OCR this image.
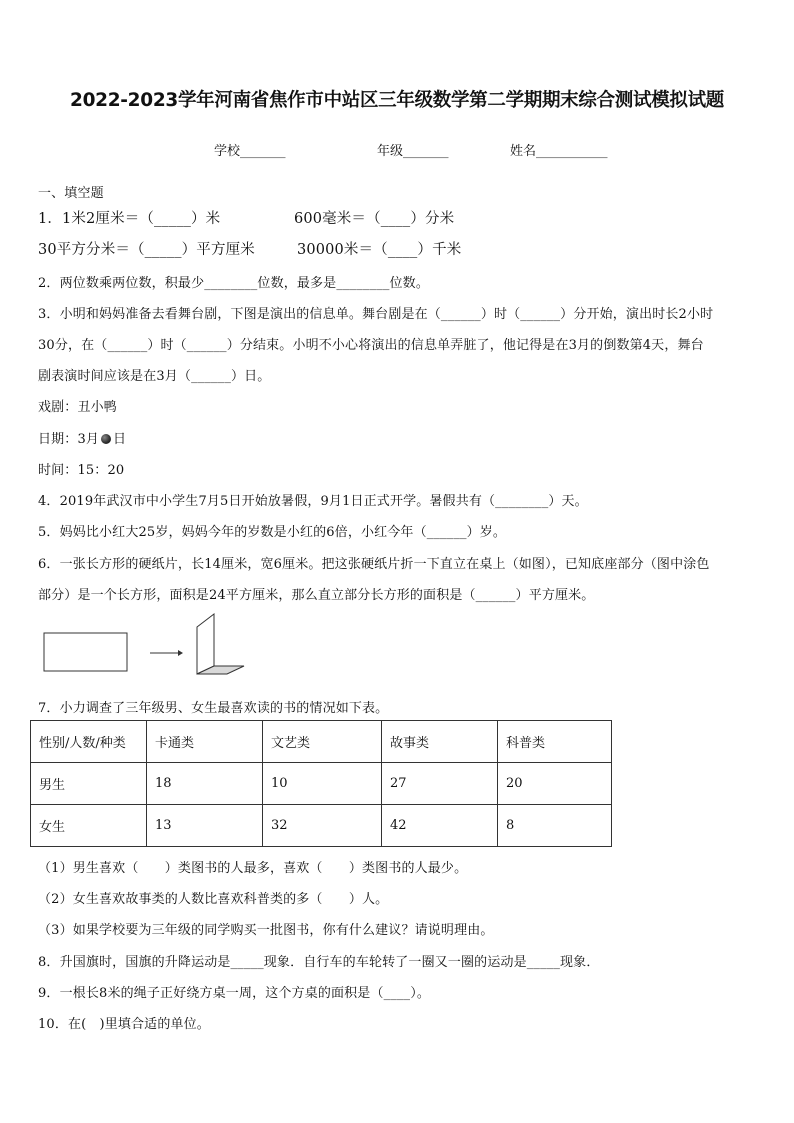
2022-2023学年河南省焦作市中站区三年级数学第二学期期末综合测试模拟试题
学校_______	年级_______	姓名___________
一、填空题
1．1米2厘米＝（_____）米	600毫米＝（____）分米
30平方分米＝（_____）平方厘米	30000米＝（____）千米
2．两位数乘两位数，积最少________位数，最多是________位数。
3．小明和妈妈准备去看舞台剧，下图是演出的信息单。舞台剧是在（______）时（______）分开始，演出时长2小时
30分，在（______）时（______）分结束。小明不小心将演出的信息单弄脏了，他记得是在3月的倒数第4天，舞台
剧表演时间应该是在3月（______）日。
戏剧：丑小鸭
日期：3月 日
时间：15：20
4．2019年武汉市中小学生7月5日开始放暑假，9月1日正式开学。暑假共有（________）天。
5．妈妈比小红大25岁，妈妈今年的岁数是小红的6倍，小红今年（______）岁。
6．一张长方形的硬纸片，长14厘米，宽6厘米。把这张硬纸片折一下直立在桌上（如图），已知底座部分（图中涂色
部分）是一个长方形，面积是24平方厘米，那么直立部分长方形的面积是（______）平方厘米。
7．小力调查了三年级男、女生最喜欢读的书的情况如下表。
性别/人数/种类	卡通类	文艺类	故事类	科普类
男生	18	10	27	20
女生	13	32	42	8
（1）男生喜欢（　　）类图书的人最多，喜欢（　　）类图书的人最少。
（2）女生喜欢故事类的人数比喜欢科普类的多（　　）人。
（3）如果学校要为三年级的同学购买一批图书，你有什么建议？请说明理由。
8．升国旗时，国旗的升降运动是_____现象．自行车的车轮转了一圈又一圈的运动是_____现象．
9．一根长8米的绳子正好绕方桌一周，这个方桌的面积是（____）。
10．在(　)里填合适的单位。
